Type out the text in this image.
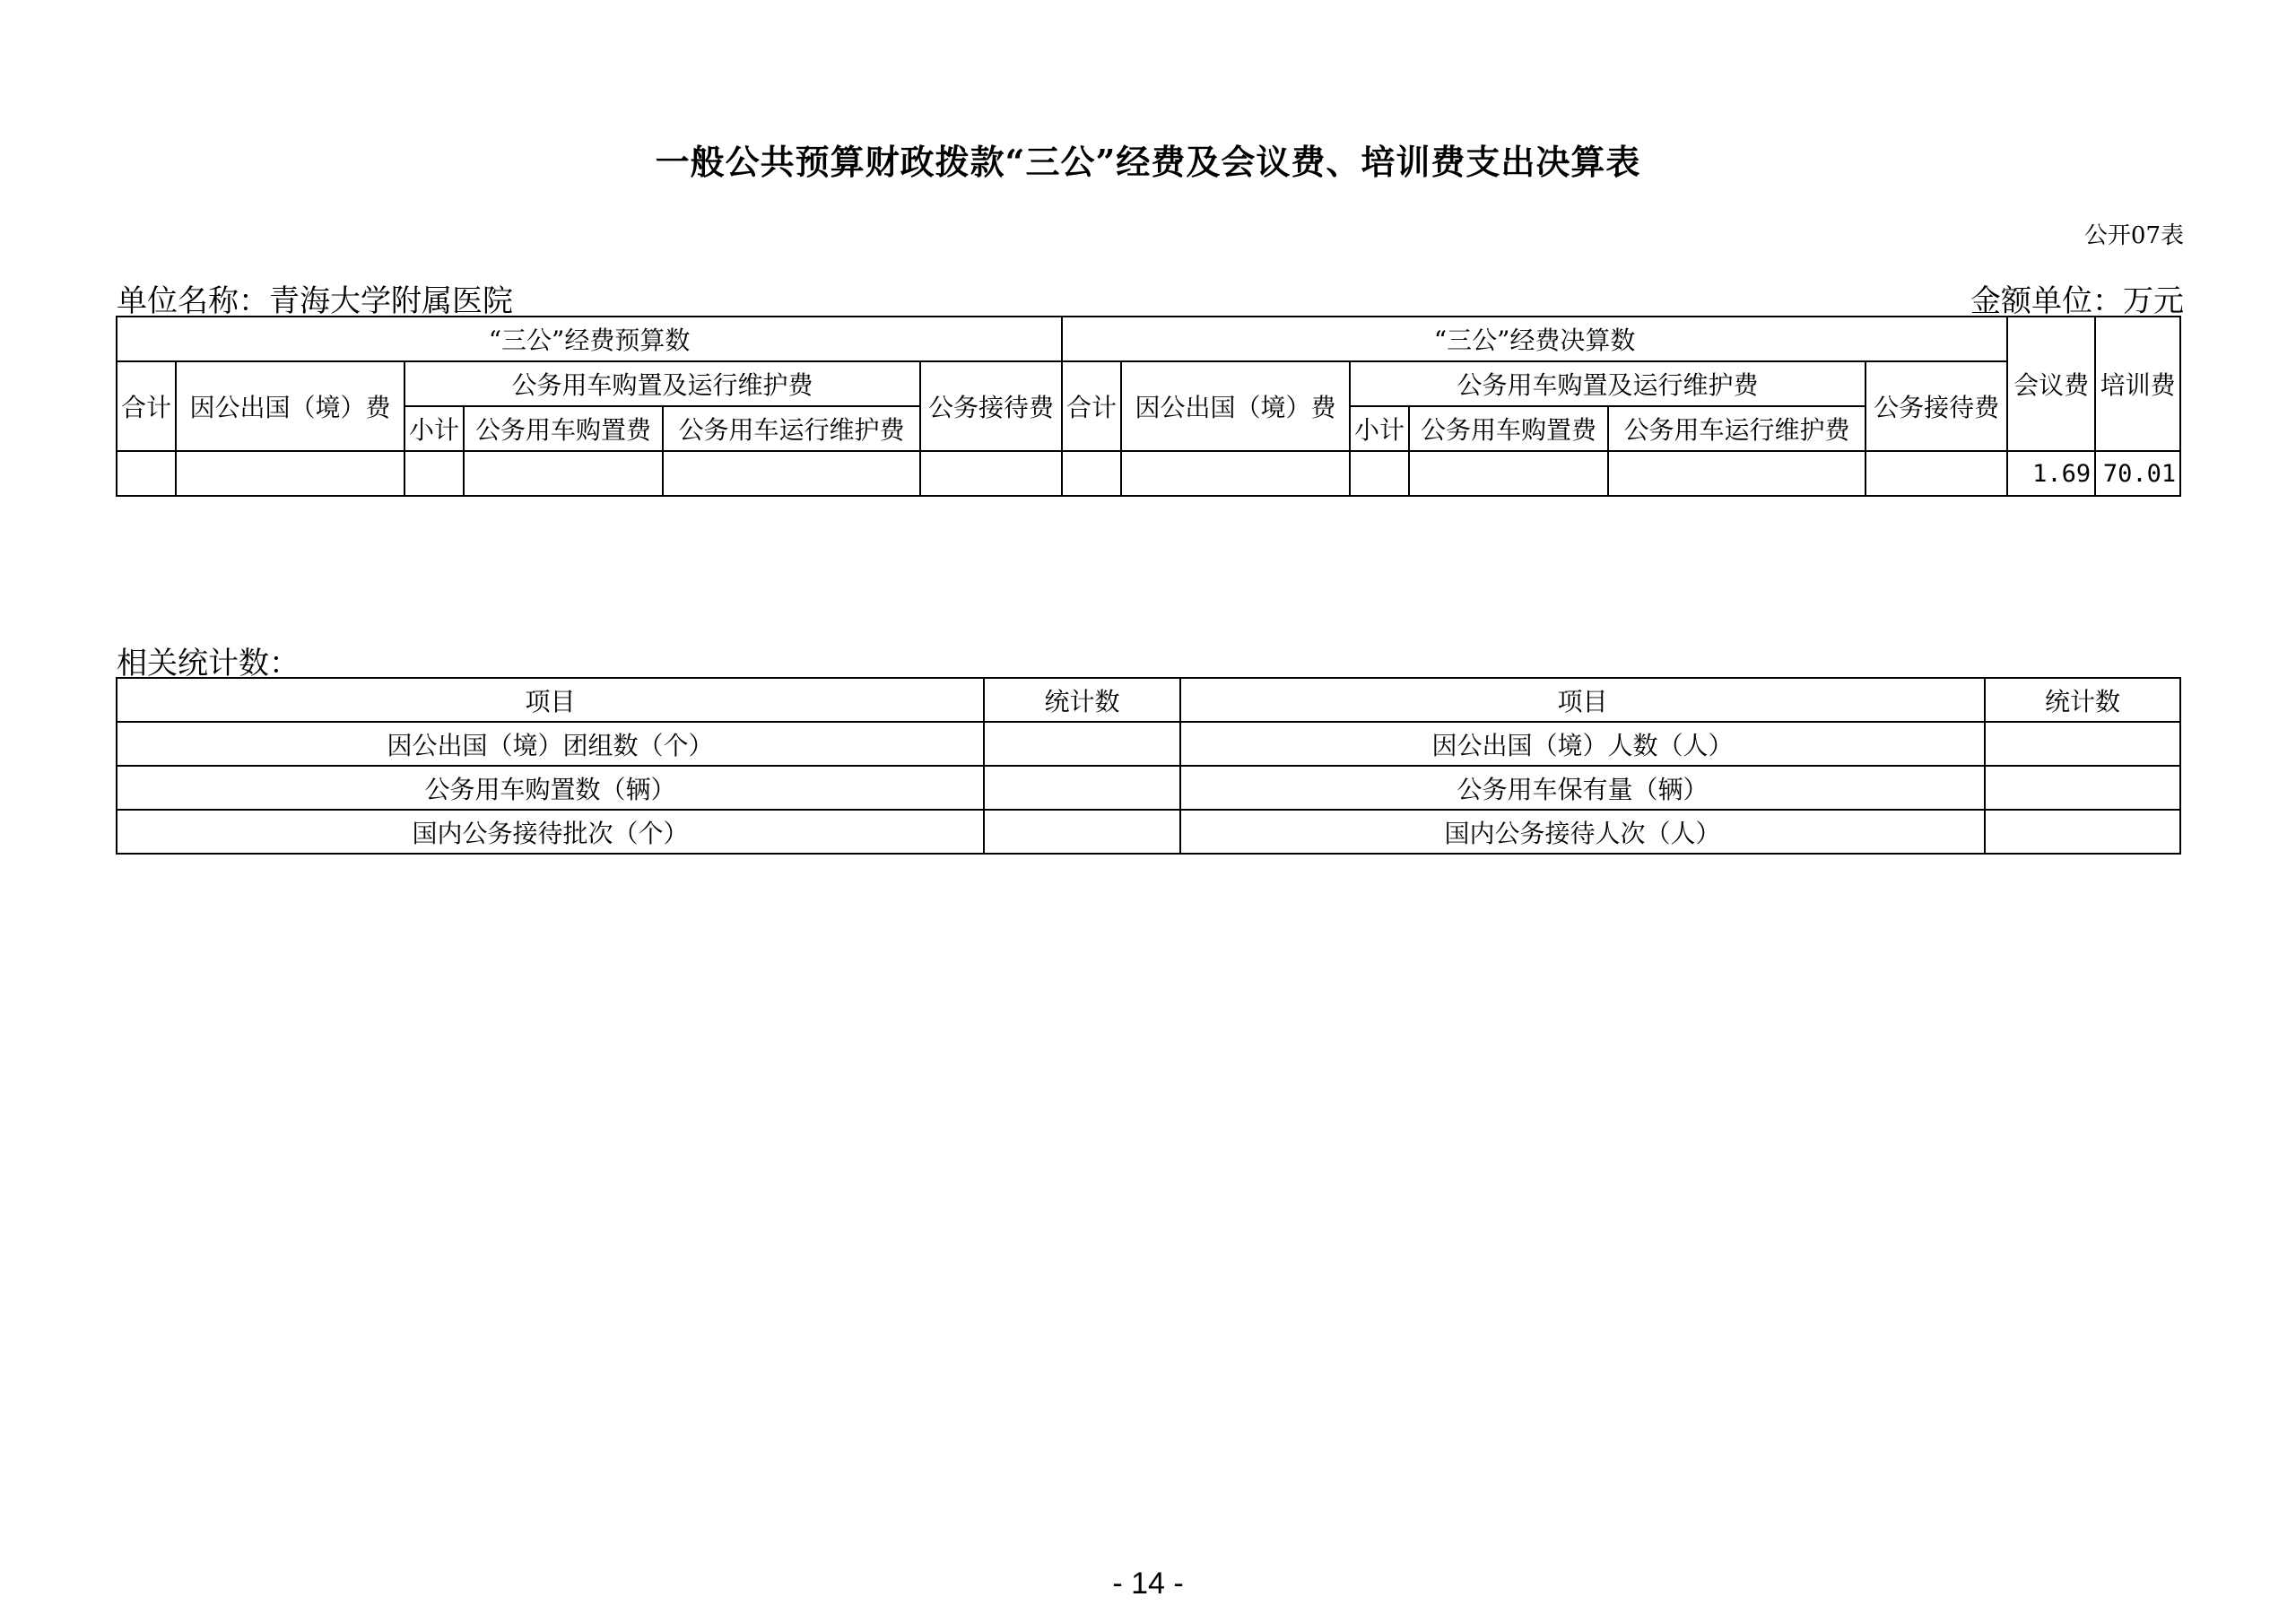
一般公共预算财政拨款“三公”经费及会议费、培训费支出决算表
公开07表
单位名称：青海大学附属医院	金额单位：万元
“三公”经费预算数						“三公”经费决算数						会议费	培训费
合计	因公出国（境）费	公务用车购置及运行维护费			公务接待费	合计	因公出国（境）费	公务用车购置及运行维护费			公务接待费		
		小计	公务用车购置费	公务用车运行维护费				小计	公务用车购置费	公务用车运行维护费			
												1.69	70.01
相关统计数：
项目	统计数	项目	统计数
因公出国（境）团组数（个）		因公出国（境）人数（人）	
公务用车购置数（辆）		公务用车保有量（辆）	
国内公务接待批次（个）		国内公务接待人次（人）	
- 14 -
